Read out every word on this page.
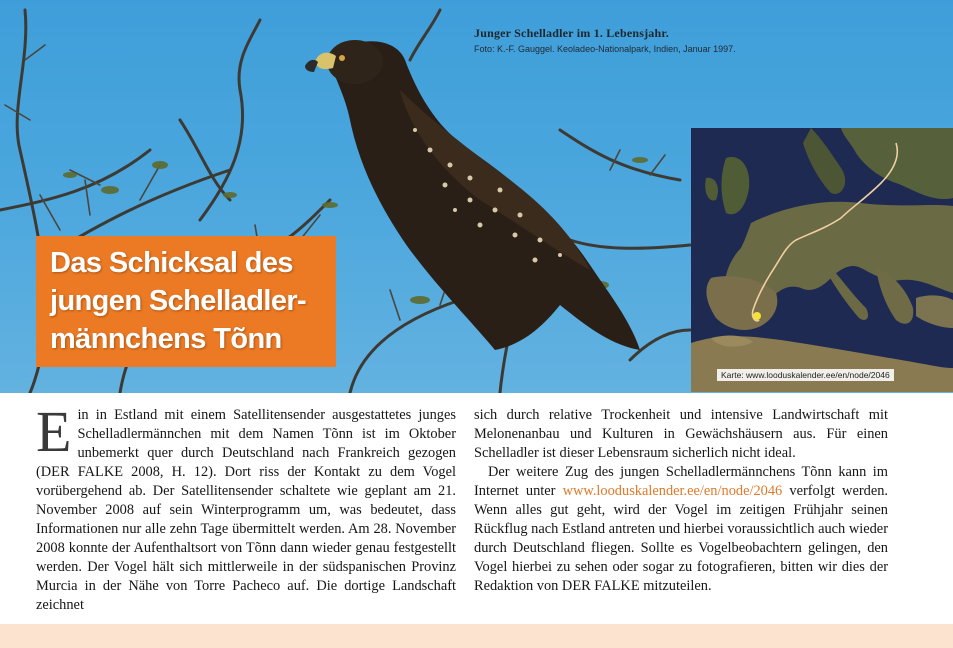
Junger Schelladler im 1. Lebensjahr.
Foto: K.-F. Gauggel. Keoladeo-Nationalpark, Indien, Januar 1997.
Das Schicksal des
jungen Schelladler-
männchens Tõnn
Karte: www.looduskalender.ee/en/node/2046

Ein in Estland mit einem Satellitensender ausgestattetes junges Schelladlermännchen mit dem Namen Tõnn ist im Oktober unbemerkt quer durch Deutschland nach Frankreich gezogen (DER FALKE 2008, H. 12). Dort riss der Kontakt zu dem Vogel vorübergehend ab. Der Satellitensender schaltete wie geplant am 21. November 2008 auf sein Winterprogramm um, was bedeutet, dass Informationen nur alle zehn Tage übermittelt werden. Am 28. November 2008 konnte der Aufenthaltsort von Tõnn dann wieder genau festgestellt werden. Der Vogel hält sich mittlerweile in der südspanischen Provinz Murcia in der Nähe von Torre Pacheco auf. Die dortige Landschaft zeichnet

sich durch relative Trockenheit und intensive Landwirtschaft mit Melonenanbau und Kulturen in Gewächshäusern aus. Für einen Schelladler ist dieser Lebensraum sicherlich nicht ideal.

Der weitere Zug des jungen Schelladlermännchens Tõnn kann im Internet unter www.looduskalender.ee/en/node/2046 verfolgt werden. Wenn alles gut geht, wird der Vogel im zeitigen Frühjahr seinen Rückflug nach Estland antreten und hierbei voraussichtlich auch wieder durch Deutschland fliegen. Sollte es Vogelbeobachtern gelingen, den Vogel hierbei zu sehen oder sogar zu fotografieren, bitten wir dies der Redaktion von DER FALKE mitzuteilen.
